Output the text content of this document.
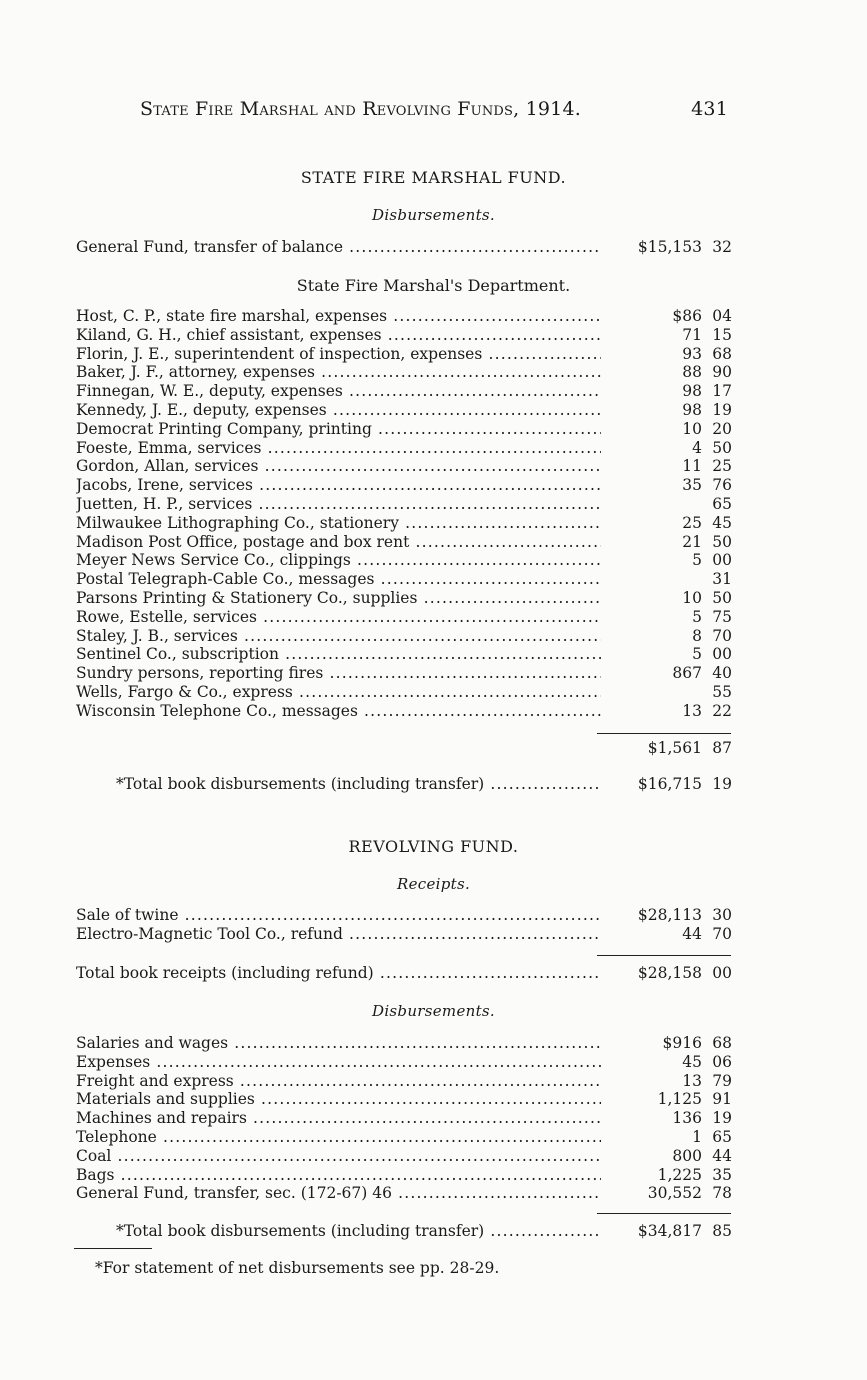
State Fire Marshal and Revolving Funds, 1914.	431
STATE FIRE MARSHAL FUND.
Disbursements.
General Fund, transfer of balance .....	$15,153 32
State Fire Marshal's Department.
Host, C. P., state fire marshal, expenses .....	$86 04
Kiland, G. H., chief assistant, expenses .....	71 15
Florin, J. E., superintendent of inspection, expenses .....	93 68
Baker, J. F., attorney, expenses .....	88 90
Finnegan, W. E., deputy, expenses .....	98 17
Kennedy, J. E., deputy, expenses .....	98 19
Democrat Printing Company, printing .....	10 20
Foeste, Emma, services .....	4 50
Gordon, Allan, services .....	11 25
Jacobs, Irene, services .....	35 76
Juetten, H. P., services .....	65
Milwaukee Lithographing Co., stationery .....	25 45
Madison Post Office, postage and box rent .....	21 50
Meyer News Service Co., clippings .....	5 00
Postal Telegraph-Cable Co., messages .....	31
Parsons Printing & Stationery Co., supplies .....	10 50
Rowe, Estelle, services .....	5 75
Staley, J. B., services .....	8 70
Sentinel Co., subscription .....	5 00
Sundry persons, reporting fires .....	867 40
Wells, Fargo & Co., express .....	55
Wisconsin Telephone Co., messages .....	13 22
$1,561 87
*Total book disbursements (including transfer) .....	$16,715 19
REVOLVING FUND.
Receipts.
Sale of twine .....	$28,113 30
Electro-Magnetic Tool Co., refund .....	44 70
Total book receipts (including refund) .....	$28,158 00
Disbursements.
Salaries and wages .....	$916 68
Expenses .....	45 06
Freight and express .....	13 79
Materials and supplies .....	1,125 91
Machines and repairs .....	136 19
Telephone .....	1 65
Coal .....	800 44
Bags .....	1,225 35
General Fund, transfer, sec. (172-67) 46 .....	30,552 78
*Total book disbursements (including transfer) .....	$34,817 85
*For statement of net disbursements see pp. 28-29.
